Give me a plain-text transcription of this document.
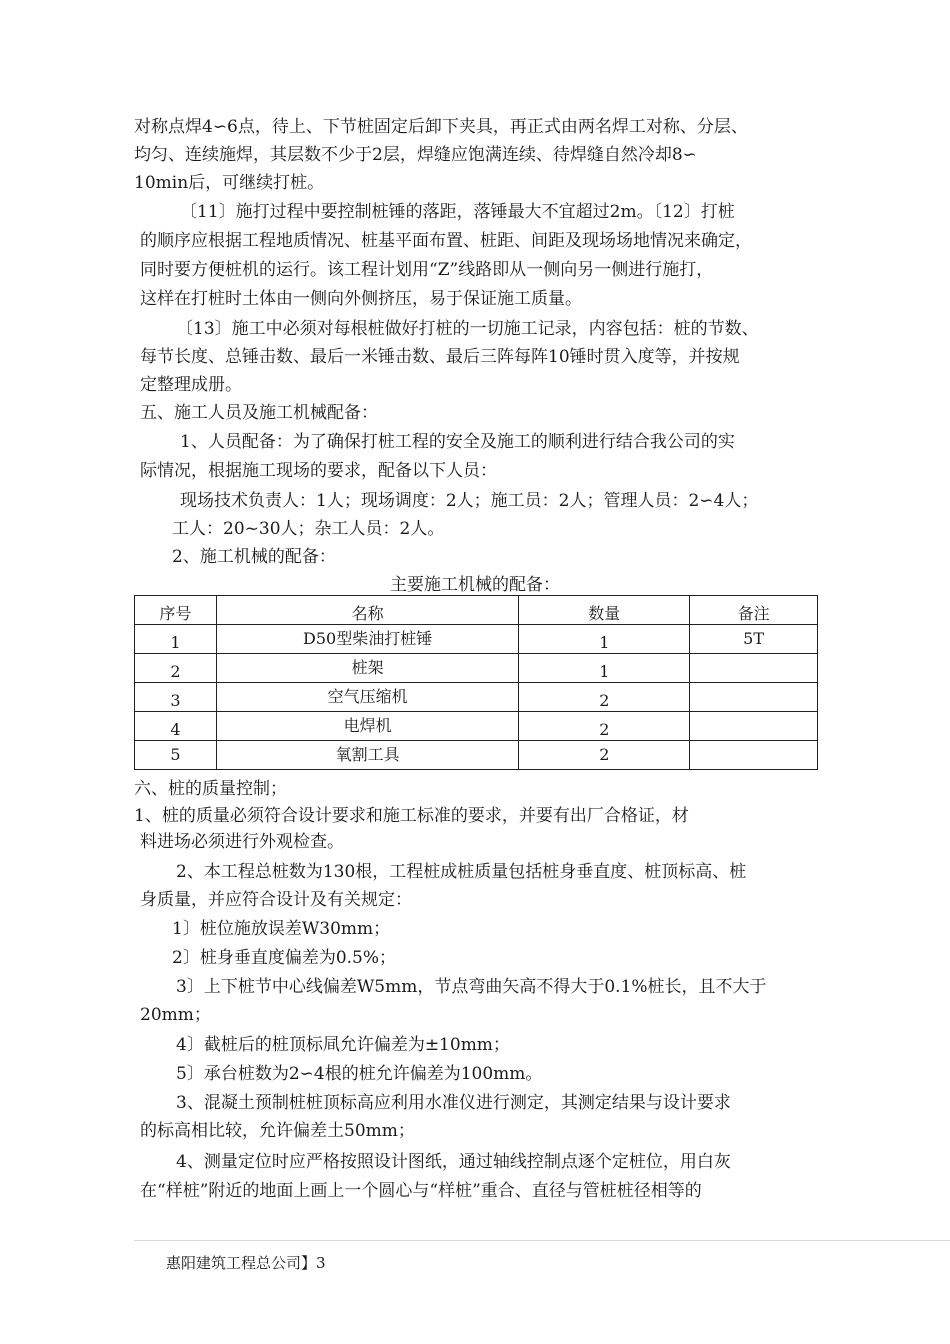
对称点焊4∽6点，待上、下节桩固定后卸下夹具，再正式由两名焊工对称、分层、
均匀、连续施焊，其层数不少于2层，焊缝应饱满连续、待焊缝自然冷却8∽
10min后，可继续打桩。
〔11〕施打过程中要控制桩锤的落距，落锤最大不宜超过2m。〔12〕打桩
的顺序应根据工程地质情况、桩基平面布置、桩距、间距及现场场地情况来确定，
同时要方便桩机的运行。该工程计划用“Z”线路即从一侧向另一侧进行施打，
这样在打桩时土体由一侧向外侧挤压，易于保证施工质量。
〔13〕施工中必须对每根桩做好打桩的一切施工记录，内容包括：桩的节数、
每节长度、总锤击数、最后一米锤击数、最后三阵每阵10锤时贯入度等，并按规
定整理成册。
五、施工人员及施工机械配备：
1、人员配备：为了确保打桩工程的安全及施工的顺利进行结合我公司的实
际情况，根据施工现场的要求，配备以下人员：
现场技术负责人：1人；现场调度：2人；施工员：2人；管理人员：2∽4人；
工人：20~30人；杂工人员：2人。
2、施工机械的配备：
主要施工机械的配备：
序号	名称	数量	备注
1	D50型柴油打桩锤	1	5T
2	桩架	1	
3	空气压缩机	2	
4	电焊机	2	
5	氧割工具	2	
六、桩的质量控制；
1、桩的质量必须符合设计要求和施工标准的要求，并要有出厂合格证，材
料进场必须进行外观检查。
2、本工程总桩数为130根，工程桩成桩质量包括桩身垂直度、桩顶标高、桩
身质量，并应符合设计及有关规定：
1〕桩位施放误差W30mm；
2〕桩身垂直度偏差为0.5%；
3〕上下桩节中心线偏差W5mm，节点弯曲矢高不得大于0.1%桩长，且不大于
20mm；
4〕截桩后的桩顶标凬允许偏差为±10mm；
5〕承台桩数为2∽4根的桩允许偏差为100mm。
3、混凝土预制桩桩顶标高应利用水准仪进行测定，其测定结果与设计要求
的标高相比较，允许偏差土50mm；
4、测量定位时应严格按照设计图纸，通过轴线控制点逐个定桩位，用白灰
在“样桩”附近的地面上画上一个圆心与“样桩”重合、直径与管桩桩径相等的
惠阳建筑工程总公司】3
